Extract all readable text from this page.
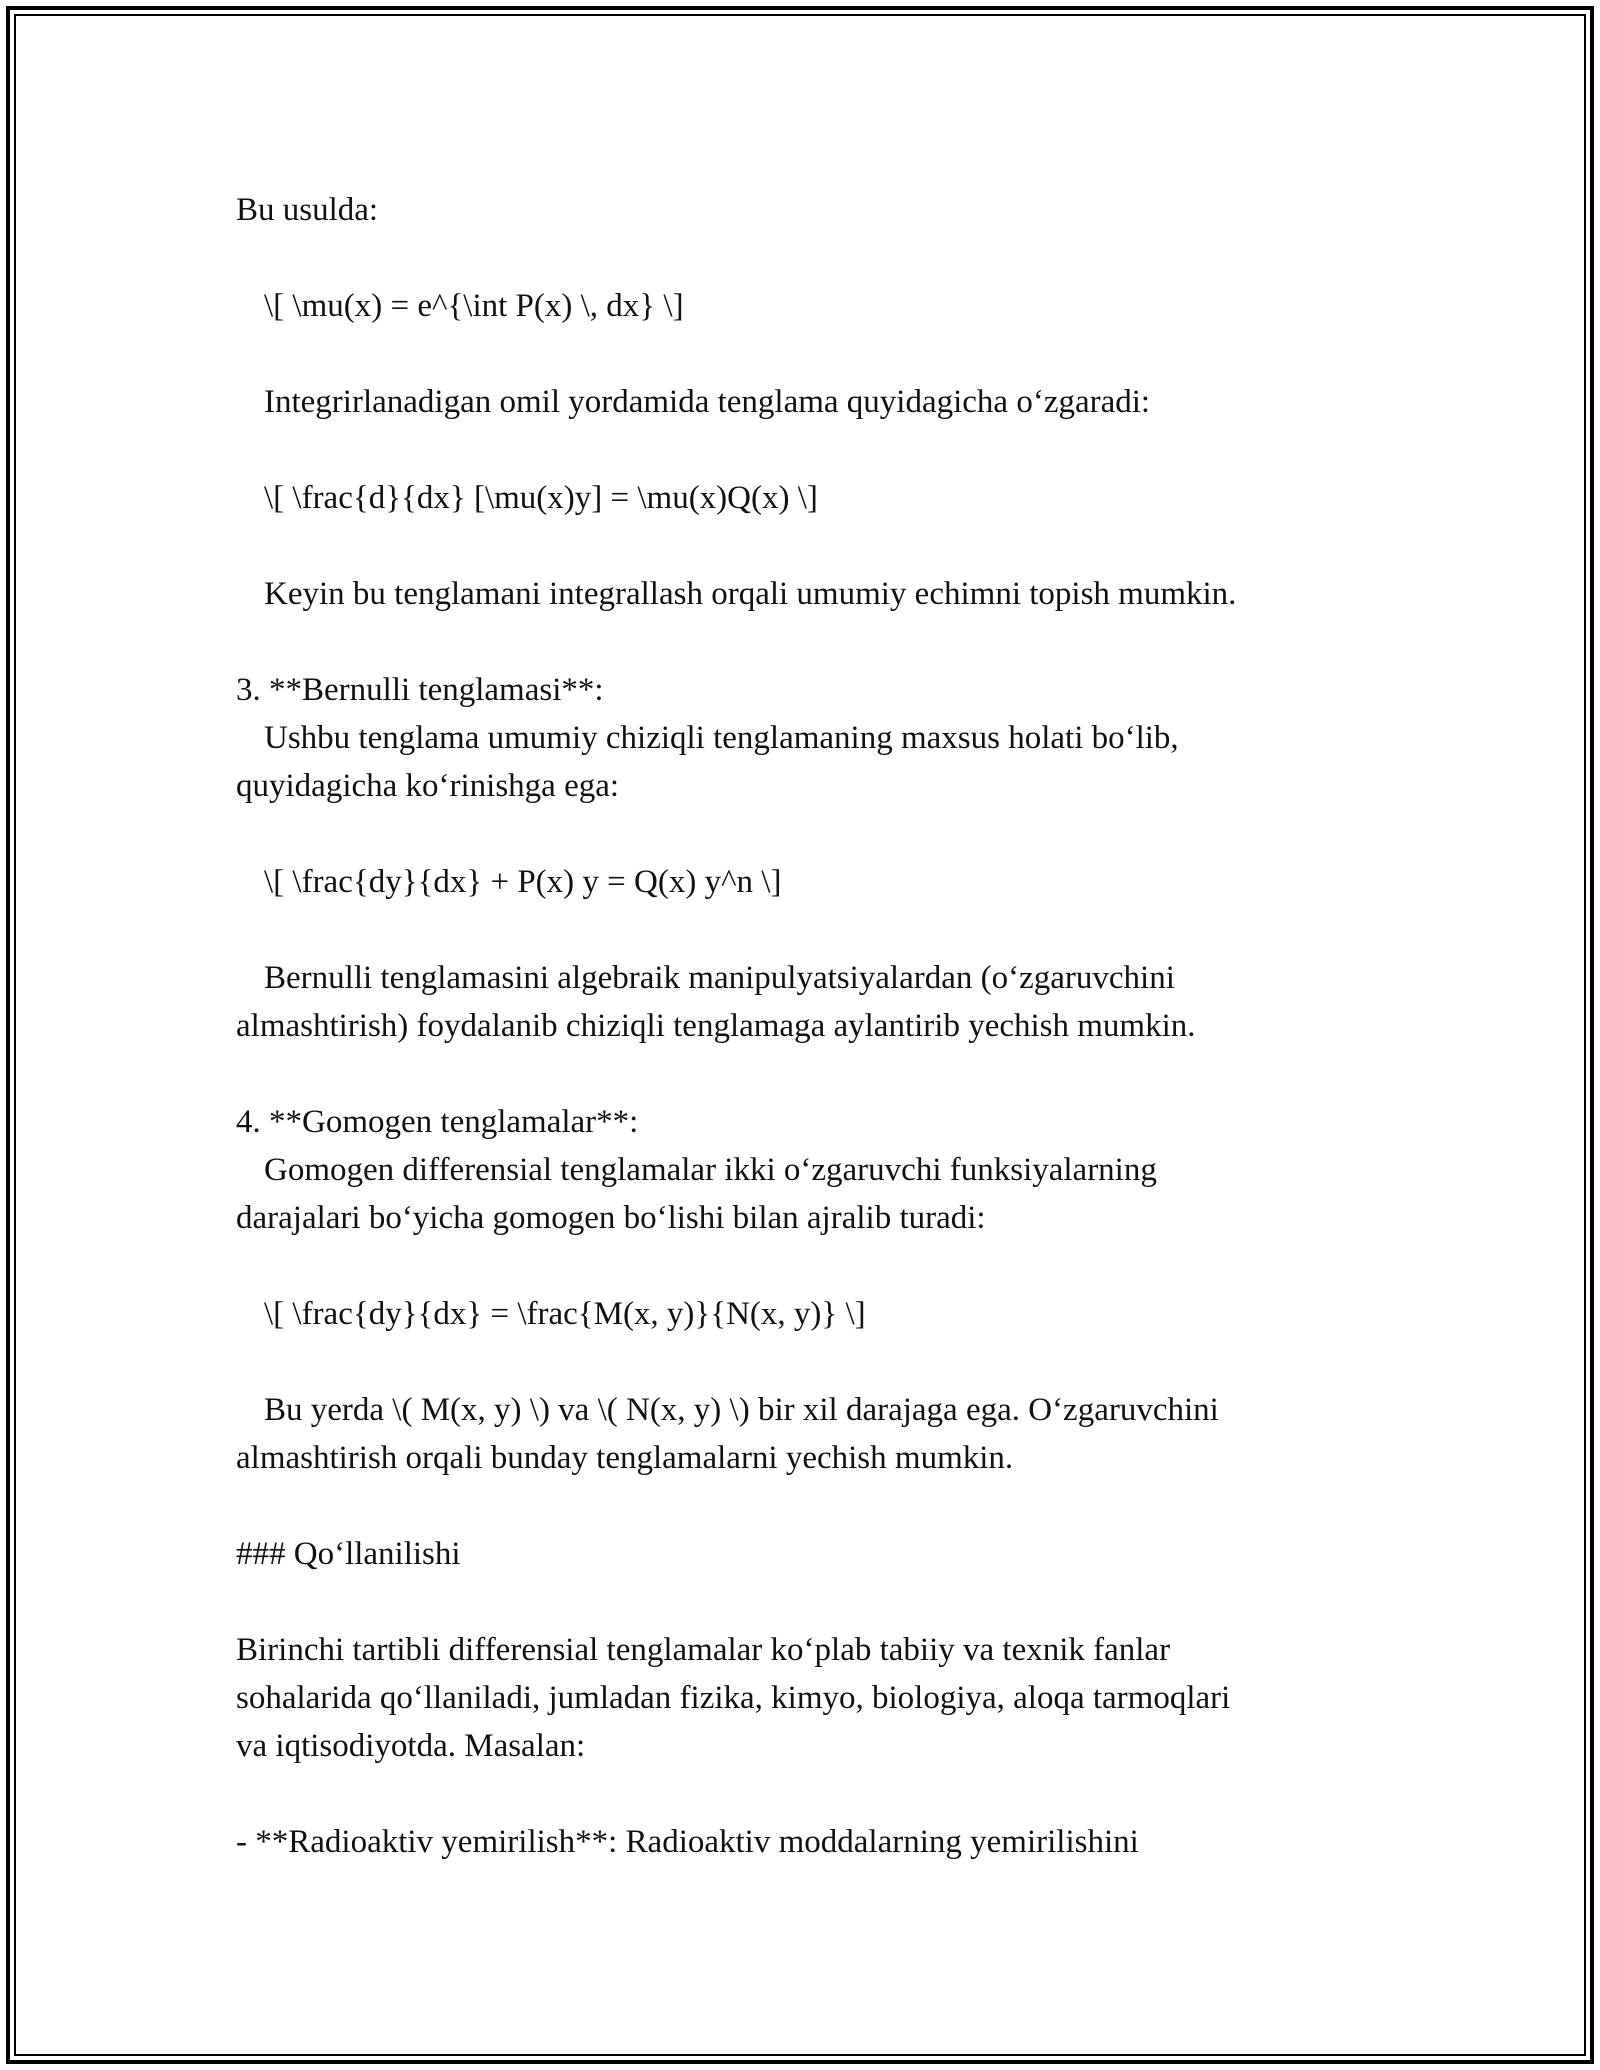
Bu usulda:
\[ \mu(x) = e^{\int P(x) \, dx} \]
Integrirlanadigan omil yordamida tenglama quyidagicha o‘zgaradi:
\[ \frac{d}{dx} [\mu(x)y] = \mu(x)Q(x) \]
Keyin bu tenglamani integrallash orqali umumiy echimni topish mumkin.
3. **Bernulli tenglamasi**:
Ushbu tenglama umumiy chiziqli tenglamaning maxsus holati bo‘lib,
quyidagicha ko‘rinishga ega:
\[ \frac{dy}{dx} + P(x) y = Q(x) y^n \]
Bernulli tenglamasini algebraik manipulyatsiyalardan (o‘zgaruvchini
almashtirish) foydalanib chiziqli tenglamaga aylantirib yechish mumkin.
4. **Gomogen tenglamalar**:
Gomogen differensial tenglamalar ikki o‘zgaruvchi funksiyalarning
darajalari bo‘yicha gomogen bo‘lishi bilan ajralib turadi:
\[ \frac{dy}{dx} = \frac{M(x, y)}{N(x, y)} \]
Bu yerda \( M(x, y) \) va \( N(x, y) \) bir xil darajaga ega. O‘zgaruvchini
almashtirish orqali bunday tenglamalarni yechish mumkin.
### Qo‘llanilishi
Birinchi tartibli differensial tenglamalar ko‘plab tabiiy va texnik fanlar
sohalarida qo‘llaniladi, jumladan fizika, kimyo, biologiya, aloqa tarmoqlari
va iqtisodiyotda. Masalan:
- **Radioaktiv yemirilish**: Radioaktiv moddalarning yemirilishini
